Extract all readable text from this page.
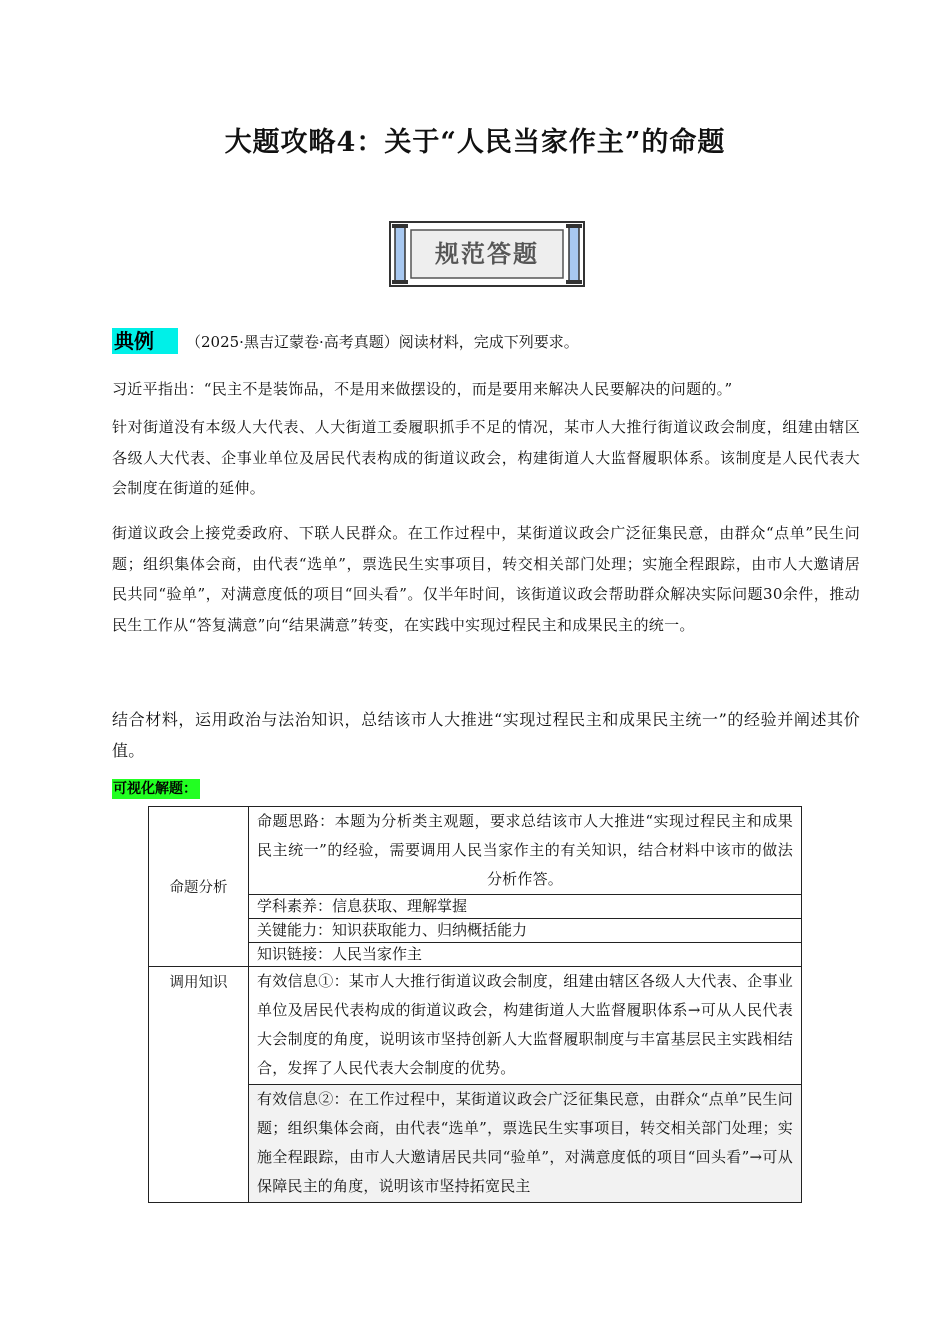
大题攻略4：关于“人民当家作主”的命题
规范答题
典例	（2025·黑吉辽蒙卷·高考真题）阅读材料，完成下列要求。
习近平指出：“民主不是装饰品，不是用来做摆设的，而是要用来解决人民要解决的问题的。”
针对街道没有本级人大代表、人大街道工委履职抓手不足的情况，某市人大推行街道议政会制度，组建由辖区各级人大代表、企事业单位及居民代表构成的街道议政会，构建街道人大监督履职体系。该制度是人民代表大会制度在街道的延伸。
街道议政会上接党委政府、下联人民群众。在工作过程中，某街道议政会广泛征集民意，由群众“点单”民生问题；组织集体会商，由代表“选单”，票选民生实事项目，转交相关部门处理；实施全程跟踪，由市人大邀请居民共同“验单”，对满意度低的项目“回头看”。仅半年时间，该街道议政会帮助群众解决实际问题30余件，推动民生工作从“答复满意”向“结果满意”转变，在实践中实现过程民主和成果民主的统一。
结合材料，运用政治与法治知识，总结该市人大推进“实现过程民主和成果民主统一”的经验并阐述其价值。
可视化解题：
命题分析	命题思路：本题为分析类主观题，要求总结该市人大推进“实现过程民主和成果民主统一”的经验，需要调用人民当家作主的有关知识，结合材料中该市的做法分析作答。

	学科素养：信息获取、理解掌握

	关键能力：知识获取能力、归纳概括能力

	知识链接：人民当家作主

调用知识	有效信息①：某市人大推行街道议政会制度，组建由辖区各级人大代表、企事业单位及居民代表构成的街道议政会，构建街道人大监督履职体系→可从人民代表大会制度的角度，说明该市坚持创新人大监督履职制度与丰富基层民主实践相结合，发挥了人民代表大会制度的优势。

	有效信息②：在工作过程中，某街道议政会广泛征集民意，由群众“点单”民生问题；组织集体会商，由代表“选单”，票选民生实事项目，转交相关部门处理；实施全程跟踪，由市人大邀请居民共同“验单”，对满意度低的项目“回头看”→可从保障民主的角度，说明该市坚持拓宽民主
